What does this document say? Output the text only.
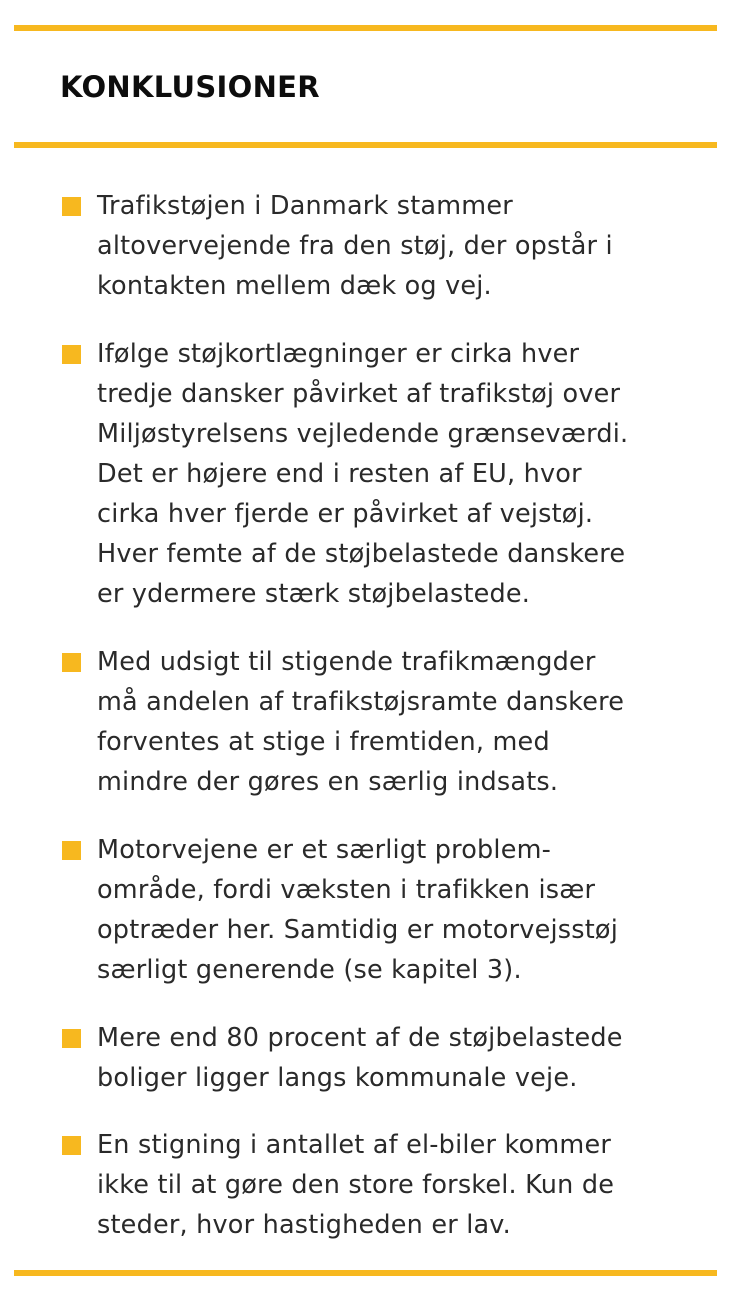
KONKLUSIONER
Trafikstøjen i Danmark stammer
altovervejende fra den støj, der opstår i
kontakten mellem dæk og vej.
Ifølge støjkortlægninger er cirka hver
tredje dansker påvirket af trafikstøj over
Miljøstyrelsens vejledende grænseværdi.
Det er højere end i resten af EU, hvor
cirka hver fjerde er påvirket af vejstøj.
Hver femte af de støjbelastede danskere
er ydermere stærk støjbelastede.
Med udsigt til stigende trafikmængder
må andelen af trafikstøjsramte danskere
forventes at stige i fremtiden, med
mindre der gøres en særlig indsats.
Motorvejene er et særligt problem-
område, fordi væksten i trafikken især
optræder her. Samtidig er motorvejsstøj
særligt generende (se kapitel 3).
Mere end 80 procent af de støjbelastede
boliger ligger langs kommunale veje.
En stigning i antallet af el-biler kommer
ikke til at gøre den store forskel. Kun de
steder, hvor hastigheden er lav.
